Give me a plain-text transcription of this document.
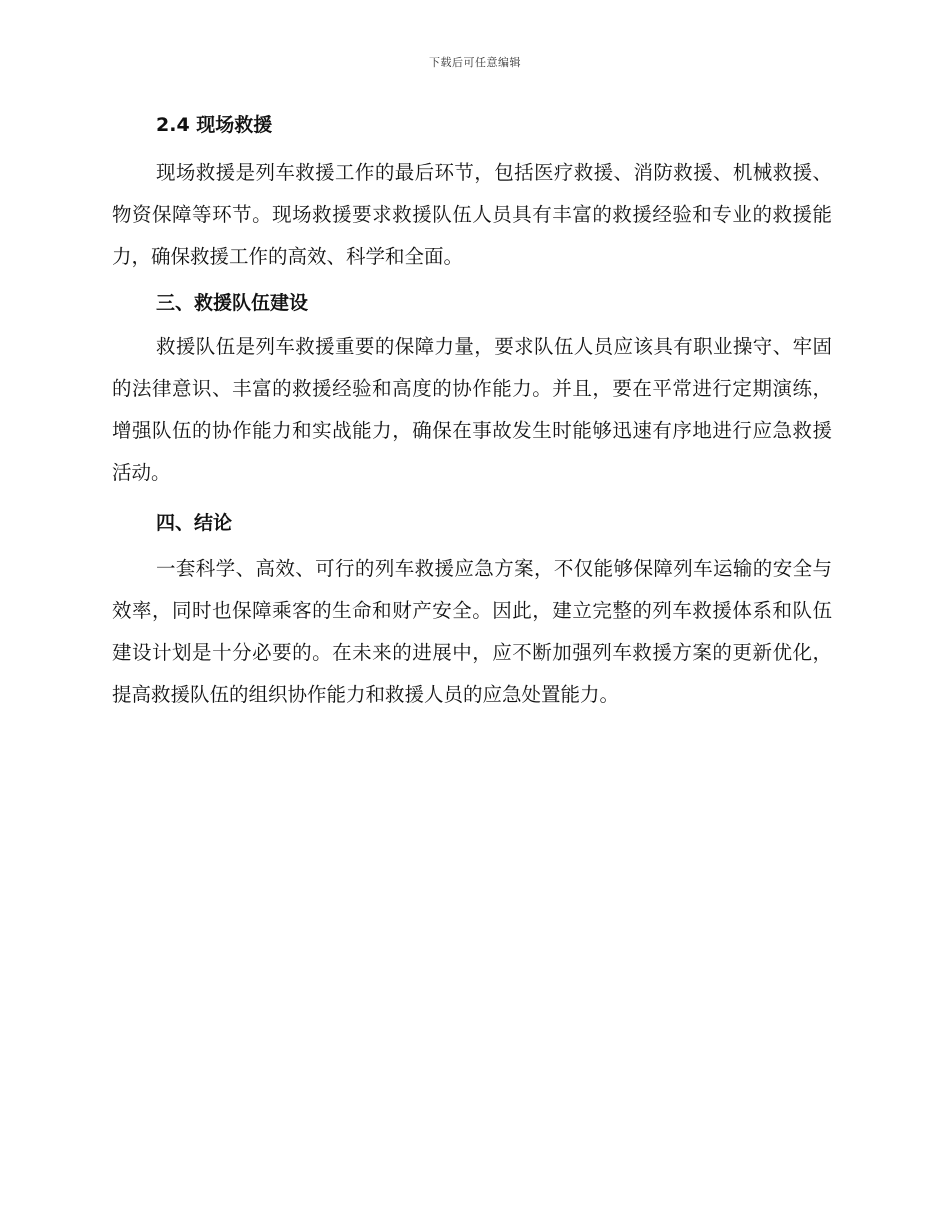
下载后可任意编辑
2.4 现场救援

现场救援是列车救援工作的最后环节，包括医疗救援、消防救援、机械救援、物资保障等环节。现场救援要求救援队伍人员具有丰富的救援经验和专业的救援能力，确保救援工作的高效、科学和全面。

三、救援队伍建设

救援队伍是列车救援重要的保障力量，要求队伍人员应该具有职业操守、牢固的法律意识、丰富的救援经验和高度的协作能力。并且，要在平常进行定期演练，增强队伍的协作能力和实战能力，确保在事故发生时能够迅速有序地进行应急救援活动。

四、结论

一套科学、高效、可行的列车救援应急方案，不仅能够保障列车运输的安全与效率，同时也保障乘客的生命和财产安全。因此，建立完整的列车救援体系和队伍建设计划是十分必要的。在未来的进展中，应不断加强列车救援方案的更新优化，提高救援队伍的组织协作能力和救援人员的应急处置能力。
